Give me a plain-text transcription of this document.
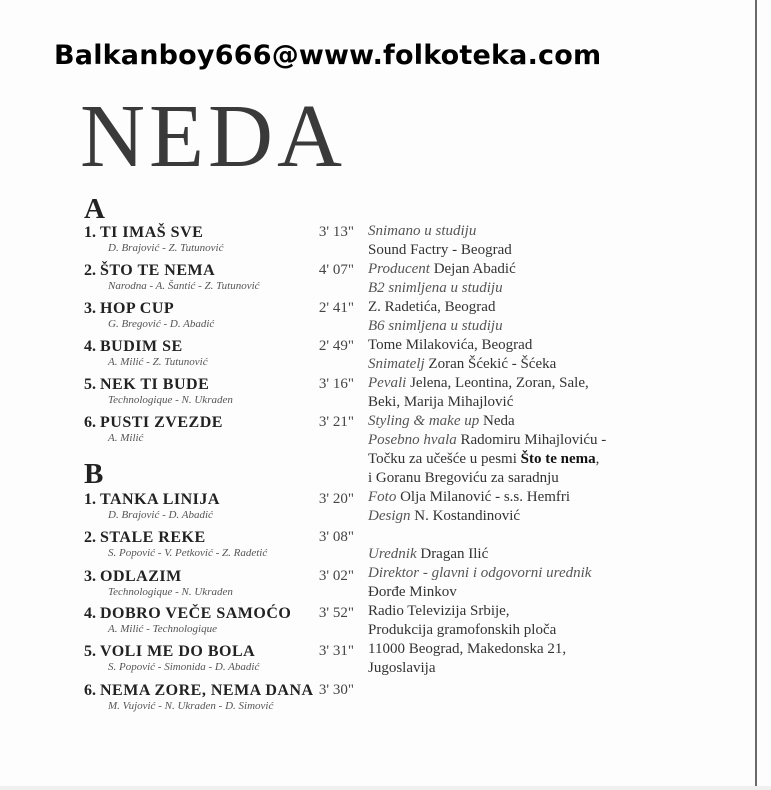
Balkanboy666@www.folkoteka.com
NEDA
A
1. TI IMAŠ SVE	3' 13"
D. Brajović - Z. Tutunović
2. ŠTO TE NEMA	4' 07"
Narodna - A. Šantić - Z. Tutunović
3. HOP CUP	2' 41"
G. Bregović - D. Abadić
4. BUDIM SE	2' 49"
A. Milić - Z. Tutunović
5. NEK TI BUDE	3' 16"
Technologique - N. Ukraden
6. PUSTI ZVEZDE	3' 21"
A. Milić
B
1. TANKA LINIJA	3' 20"
D. Brajović - D. Abadić
2. STALE REKE	3' 08"
S. Popović - V. Petković - Z. Radetić
3. ODLAZIM	3' 02"
Technologique - N. Ukraden
4. DOBRO VEČE SAMOĆO 3' 52"
A. Milić - Technologique
5. VOLI ME DO BOLA	3' 31"
S. Popović - Simonida - D. Abadić
6. NEMA ZORE, NEMA DANA 3' 30"
M. Vujović - N. Ukraden - D. Simović
Snimano u studiju
Sound Factry - Beograd
Producent Dejan Abadić
B2 snimljena u studiju
Z. Radetića, Beograd
B6 snimljena u studiju
Tome Milakovića, Beograd
Snimatelj Zoran Šćekić - Šćeka
Pevali Jelena, Leontina, Zoran, Sale,
Beki, Marija Mihajlović
Styling & make up Neda
Posebno hvala Radomiru Mihajloviću -
Točku za učešće u pesmi Što te nema,
i Goranu Bregoviću za saradnju
Foto Olja Milanović - s.s. Hemfri
Design N. Kostandinović
Urednik Dragan Ilić
Direktor - glavni i odgovorni urednik
Đorđe Minkov
Radio Televizija Srbije,
Produkcija gramofonskih ploča
11000 Beograd, Makedonska 21,
Jugoslavija
